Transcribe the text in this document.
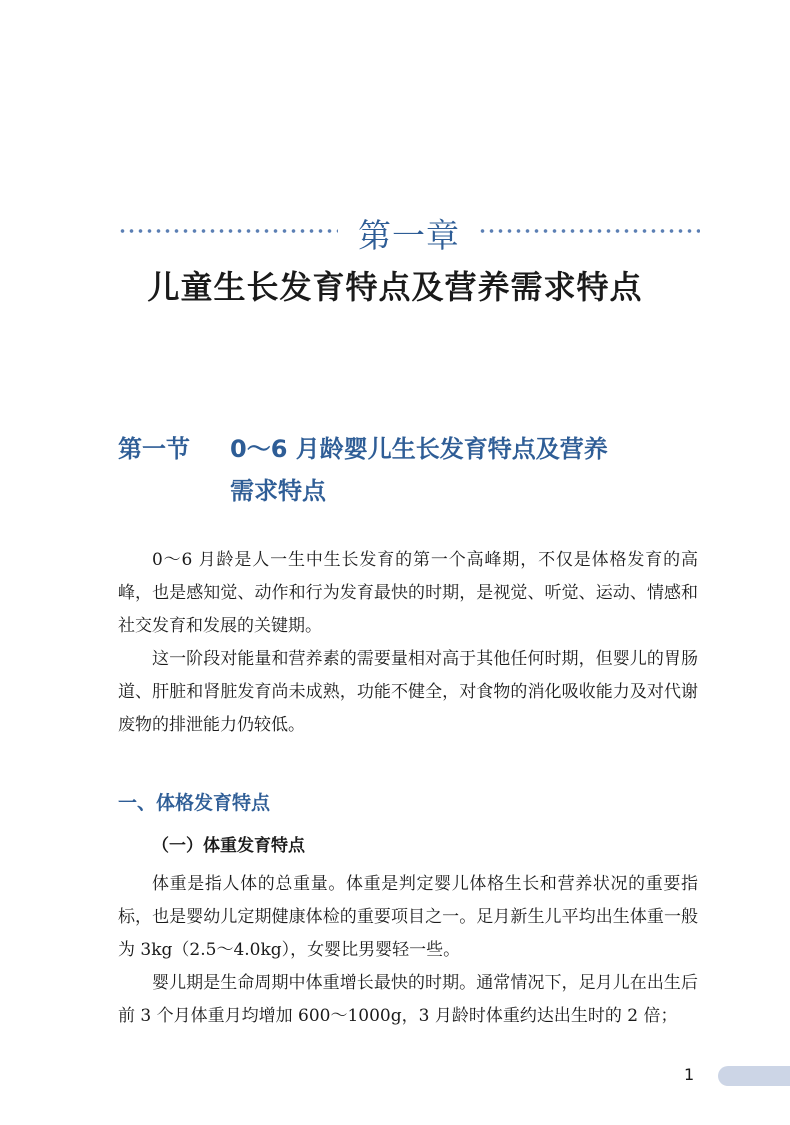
第一章
儿童生长发育特点及营养需求特点
第一节 0～6 月龄婴儿生长发育特点及营养
需求特点

0～6 月龄是人一生中生长发育的第一个高峰期，不仅是体格发育的高峰，也是感知觉、动作和行为发育最快的时期，是视觉、听觉、运动、情感和社交发育和发展的关键期。

这一阶段对能量和营养素的需要量相对高于其他任何时期，但婴儿的胃肠道、肝脏和肾脏发育尚未成熟，功能不健全，对食物的消化吸收能力及对代谢废物的排泄能力仍较低。

一、体格发育特点
（一）体重发育特点

体重是指人体的总重量。体重是判定婴儿体格生长和营养状况的重要指标，也是婴幼儿定期健康体检的重要项目之一。足月新生儿平均出生体重一般为 3kg（2.5～4.0kg），女婴比男婴轻一些。

婴儿期是生命周期中体重增长最快的时期。通常情况下，足月儿在出生后前 3 个月体重月均增加 600～1000g，3 月龄时体重约达出生时的 2 倍；

1
